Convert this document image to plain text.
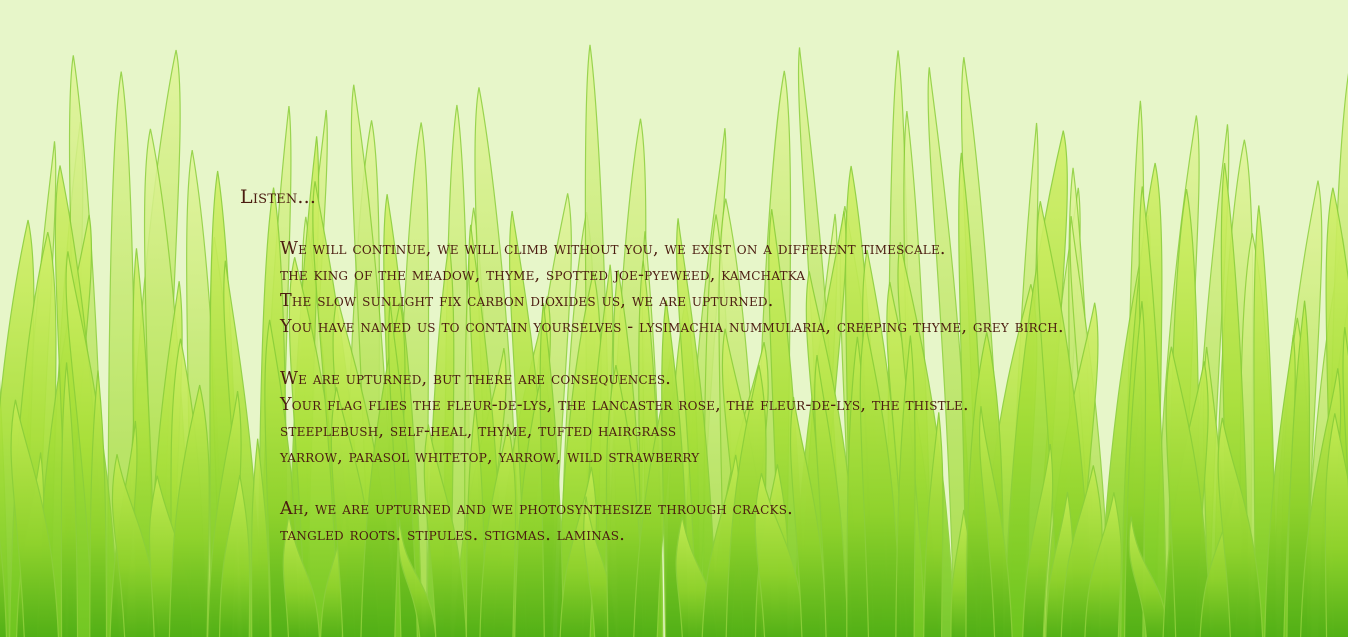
Listen...
We will continue, we will climb without you, we exist on a different timescale.
the king of the meadow, thyme, spotted joe-pyeweed, kamchatka
The slow sunlight fix carbon dioxides us, we are upturned.
You have named us to contain yourselves - lysimachia nummularia, creeping thyme, grey birch.
We are upturned, but there are consequences.
Your flag flies the fleur-de-lys, the lancaster rose, the fleur-de-lys, the thistle.
steeplebush, self-heal, thyme, tufted hairgrass
yarrow, parasol whitetop, yarrow, wild strawberry
Ah, we are upturned and we photosynthesize through cracks.
tangled roots. stipules. stigmas. laminas.
